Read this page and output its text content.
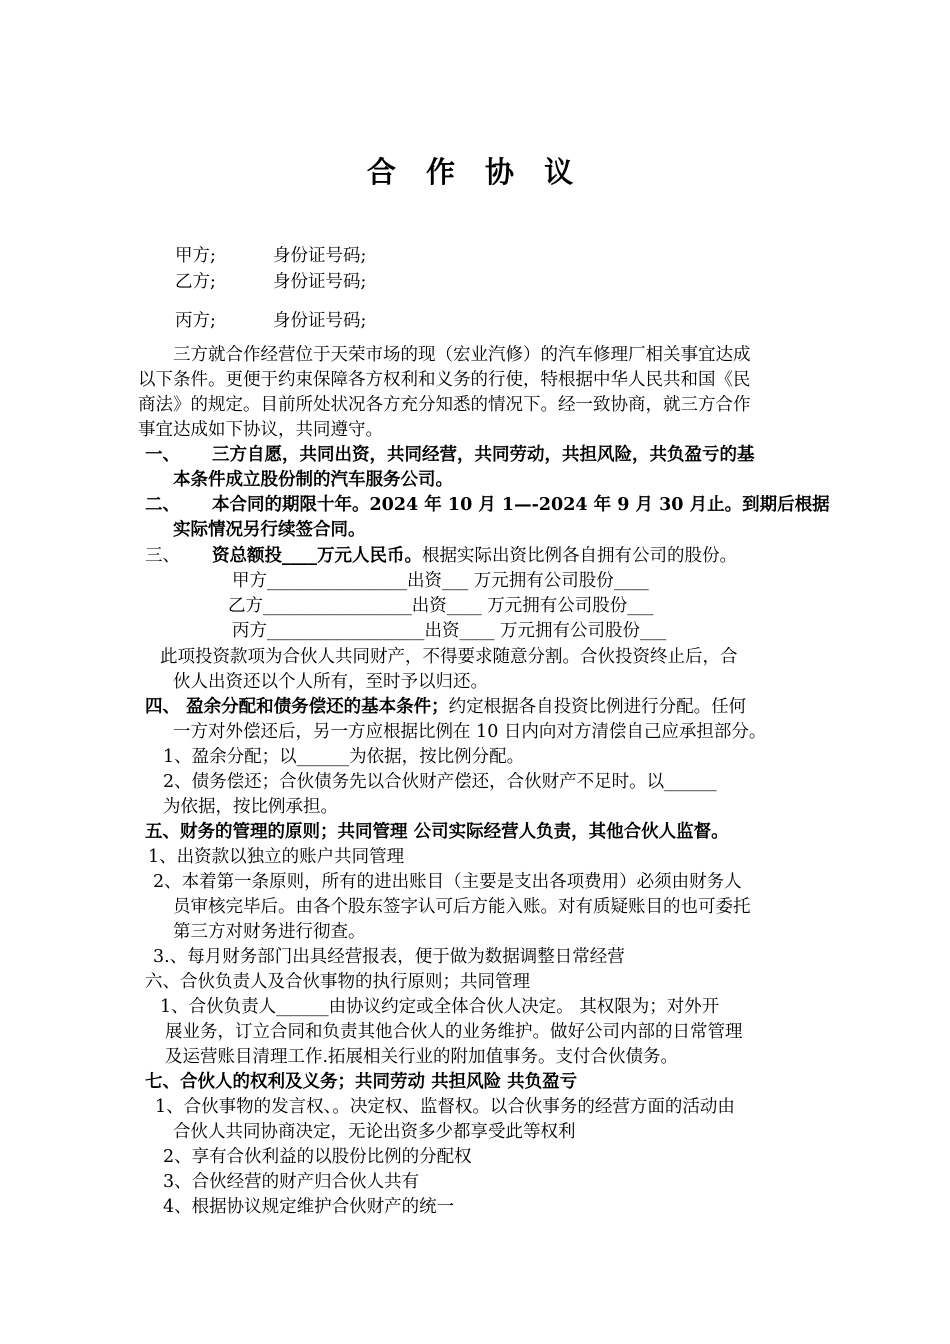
合 作 协 议
甲方;	身份证号码;
乙方;	身份证号码;
丙方;	身份证号码;
三方就合作经营位于天荣市场的现（宏业汽修）的汽车修理厂相关事宜达成
以下条件。更便于约束保障各方权利和义务的行使，特根据中华人民共和国《民
商法》的规定。目前所处状况各方充分知悉的情况下。经一致协商，就三方合作
事宜达成如下协议，共同遵守。
一、 三方自愿，共同出资，共同经营，共同劳动，共担风险，共负盈亏的基
本条件成立股份制的汽车服务公司。
二、 本合同的期限十年。2024 年 10 月 1—-2024 年 9 月 30 月止。到期后根据
实际情况另行续签合同。
三、 资总额投____万元人民币。根据实际出资比例各自拥有公司的股份。
甲方________________出资___ 万元拥有公司股份____
乙方_________________出资____ 万元拥有公司股份___
丙方__________________出资____ 万元拥有公司股份___
此项投资款项为合伙人共同财产，不得要求随意分割。合伙投资终止后，合
伙人出资还以个人所有，至时予以归还。
四、 盈余分配和债务偿还的基本条件；约定根据各自投资比例进行分配。任何
一方对外偿还后，另一方应根据比例在 10 日内向对方清偿自己应承担部分。
1、盈余分配；以______为依据，按比例分配。
2、债务偿还；合伙债务先以合伙财产偿还，合伙财产不足时。以______
为依据，按比例承担。
五、财务的管理的原则；共同管理 公司实际经营人负责，其他合伙人监督。
1、出资款以独立的账户共同管理
2、本着第一条原则，所有的进出账目（主要是支出各项费用）必须由财务人
员审核完毕后。由各个股东签字认可后方能入账。对有质疑账目的也可委托
第三方对财务进行彻查。
3.、每月财务部门出具经营报表，便于做为数据调整日常经营
六、合伙负责人及合伙事物的执行原则；共同管理
1、合伙负责人______由协议约定或全体合伙人决定。 其权限为；对外开
展业务，订立合同和负责其他合伙人的业务维护。做好公司内部的日常管理
及运营账目清理工作.拓展相关行业的附加值事务。支付合伙债务。
七、合伙人的权利及义务；共同劳动 共担风险 共负盈亏
1、合伙事物的发言权、。决定权、监督权。以合伙事务的经营方面的活动由
合伙人共同协商决定，无论出资多少都享受此等权利
2、享有合伙利益的以股份比例的分配权
3、合伙经营的财产归合伙人共有
4、根据协议规定维护合伙财产的统一
